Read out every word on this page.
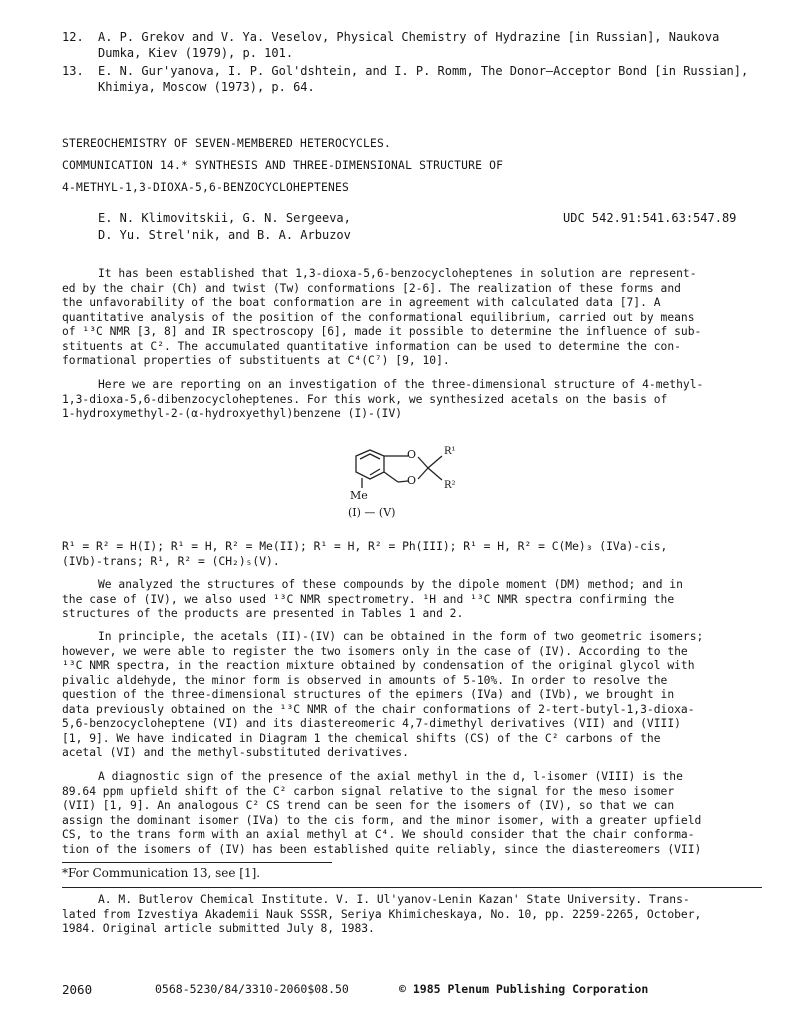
12. A. P. Grekov and V. Ya. Veselov, Physical Chemistry of Hydrazine [in Russian], Naukova
Dumka, Kiev (1979), p. 101.
13. E. N. Gur'yanova, I. P. Gol'dshtein, and I. P. Romm, The Donor—Acceptor Bond [in Russian],
Khimiya, Moscow (1973), p. 64.
STEREOCHEMISTRY OF SEVEN-MEMBERED HETEROCYCLES.
COMMUNICATION 14.* SYNTHESIS AND THREE-DIMENSIONAL STRUCTURE OF
4-METHYL-1,3-DIOXA-5,6-BENZOCYCLOHEPTENES
E. N. Klimovitskii, G. N. Sergeeva,
D. Yu. Strel'nik, and B. A. Arbuzov
UDC 542.91:541.63:547.89
It has been established that 1,3-dioxa-5,6-benzocycloheptenes in solution are represent-
ed by the chair (Ch) and twist (Tw) conformations [2-6]. The realization of these forms and
the unfavorability of the boat conformation are in agreement with calculated data [7]. A
quantitative analysis of the position of the conformational equilibrium, carried out by means
of ¹³C NMR [3, 8] and IR spectroscopy [6], made it possible to determine the influence of sub-
stituents at C². The accumulated quantitative information can be used to determine the con-
formational properties of substituents at C⁴(C⁷) [9, 10].
Here we are reporting on an investigation of the three-dimensional structure of 4-methyl-
1,3-dioxa-5,6-dibenzocycloheptenes. For this work, we synthesized acetals on the basis of
1-hydroxymethyl-2-(α-hydroxyethyl)benzene (I)-(IV)
O
O
R¹
R²
Me
(I) — (V)
R¹ = R² = H(I); R¹ = H, R² = Me(II); R¹ = H, R² = Ph(III); R¹ = H, R² = C(Me)₃ (IVa)-cis,
(IVb)-trans; R¹, R² = (CH₂)₅(V).
We analyzed the structures of these compounds by the dipole moment (DM) method; and in
the case of (IV), we also used ¹³C NMR spectrometry. ¹H and ¹³C NMR spectra confirming the
structures of the products are presented in Tables 1 and 2.
In principle, the acetals (II)-(IV) can be obtained in the form of two geometric isomers;
however, we were able to register the two isomers only in the case of (IV). According to the
¹³C NMR spectra, in the reaction mixture obtained by condensation of the original glycol with
pivalic aldehyde, the minor form is observed in amounts of 5-10%. In order to resolve the
question of the three-dimensional structures of the epimers (IVa) and (IVb), we brought in
data previously obtained on the ¹³C NMR of the chair conformations of 2-tert-butyl-1,3-dioxa-
5,6-benzocycloheptene (VI) and its diastereomeric 4,7-dimethyl derivatives (VII) and (VIII)
[1, 9]. We have indicated in Diagram 1 the chemical shifts (CS) of the C² carbons of the
acetal (VI) and the methyl-substituted derivatives.
A diagnostic sign of the presence of the axial methyl in the d, l-isomer (VIII) is the
89.64 ppm upfield shift of the C² carbon signal relative to the signal for the meso isomer
(VII) [1, 9]. An analogous C² CS trend can be seen for the isomers of (IV), so that we can
assign the dominant isomer (IVa) to the cis form, and the minor isomer, with a greater upfield
CS, to the trans form with an axial methyl at C⁴. We should consider that the chair conforma-
tion of the isomers of (IV) has been established quite reliably, since the diastereomers (VII)
*For Communication 13, see [1].
A. M. Butlerov Chemical Institute. V. I. Ul'yanov-Lenin Kazan' State University. Trans-
lated from Izvestiya Akademii Nauk SSSR, Seriya Khimicheskaya, No. 10, pp. 2259-2265, October,
1984. Original article submitted July 8, 1983.
2060	0568-5230/84/3310-2060$08.50	© 1985 Plenum Publishing Corporation
